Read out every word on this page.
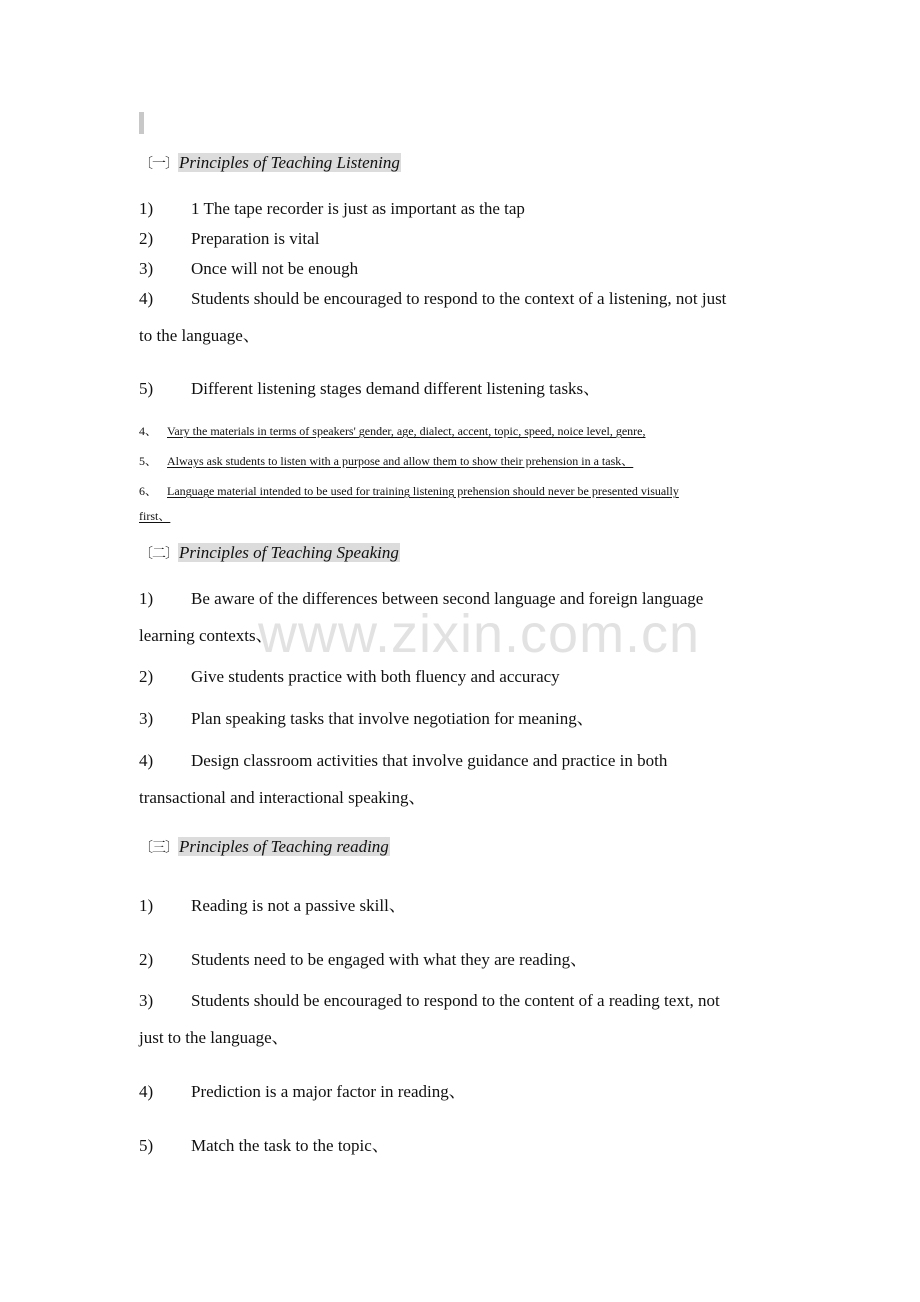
〔一〕Principles of Teaching Listening
1) 1 The tape recorder is just as important as the tap
2) Preparation is vital
3) Once will not be enough
4) Students should be encouraged to respond to the context of a listening, not just
to the language、
5) Different listening stages demand different listening tasks、
4、 Vary the materials in terms of speakers' gender, age, dialect, accent, topic, speed, noice level, genre,
5、 Always ask students to listen with a purpose and allow them to show their prehension in a task、
6、 Language material intended to be used for training listening prehension should never be presented visually
first、
〔二〕Principles of Teaching Speaking
1) Be aware of the differences between second language and foreign language
learning contexts、
2) Give students practice with both fluency and accuracy
3) Plan speaking tasks that involve negotiation for meaning、
4) Design classroom activities that involve guidance and practice in both
transactional and interactional speaking、
〔三〕Principles of Teaching reading
1) Reading is not a passive skill、
2) Students need to be engaged with what they are reading、
3) Students should be encouraged to respond to the content of a reading text, not
just to the language、
4) Prediction is a major factor in reading、
5) Match the task to the topic、
www.zixin.com.cn
